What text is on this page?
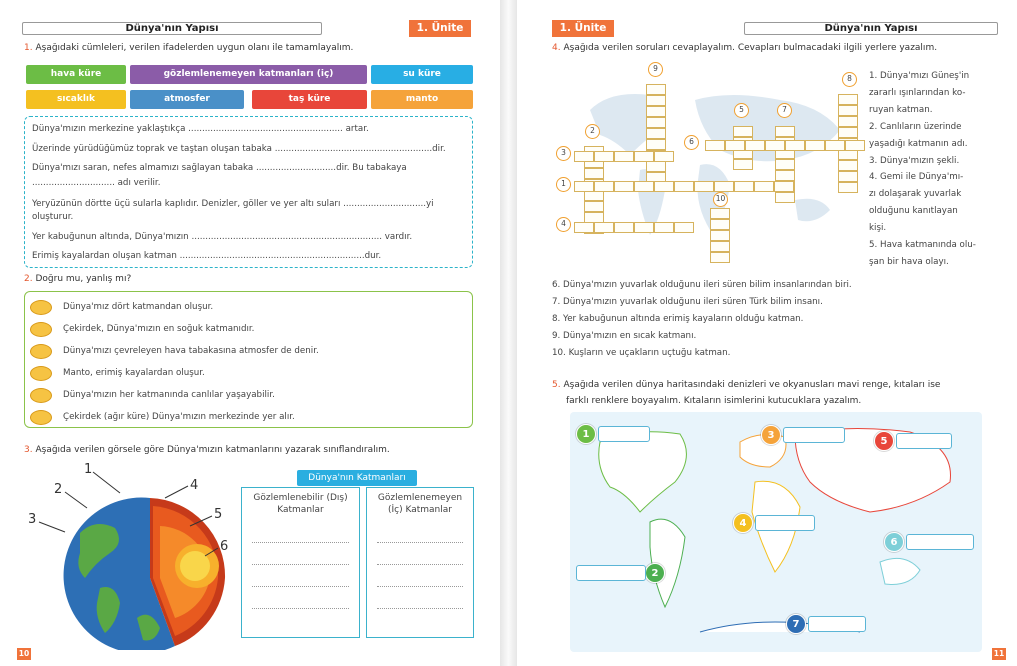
Dünya'nın Yapısı	1. Ünite
1. Aşağıdaki cümleleri, verilen ifadelerden uygun olanı ile tamamlayalım.
hava küre	gözlemlenemeyen katmanları (iç)	su küre
sıcaklık	atmosfer	taş küre	manto
Dünya'mızın merkezine yaklaştıkça ........................................................ artar.
Üzerinde yürüdüğümüz toprak ve taştan oluşan tabaka .........................................................dir.
Dünya'mızı saran, nefes almamızı sağlayan tabaka .............................dir. Bu tabakaya
.............................. adı verilir.
Yeryüzünün dörtte üçü sularla kaplıdır. Denizler, göller ve yer altı suları ..............................yi
oluşturur.
Yer kabuğunun altında, Dünya'mızın ..................................................................... vardır.
Erimiş kayalardan oluşan katman ...................................................................dur.
2. Doğru mu, yanlış mı?
Dünya'mız dört katmandan oluşur.
Çekirdek, Dünya'mızın en soğuk katmanıdır.
Dünya'mızı çevreleyen hava tabakasına atmosfer de denir.
Manto, erimiş kayalardan oluşur.
Dünya'mızın her katmanında canlılar yaşayabilir.
Çekirdek (ağır küre) Dünya'mızın merkezinde yer alır.
3. Aşağıda verilen görsele göre Dünya'mızın katmanlarını yazarak sınıflandıralım.
1
2
3
4
5
6
Dünya'nın Katmanları
Gözlemlenebilir (Dış) Katmanlar
Gözlemlenemeyen (İç) Katmanlar
10
1. Ünite	Dünya'nın Yapısı
4. Aşağıda verilen soruları cevaplayalım. Cevapları bulmacadaki ilgili yerlere yazalım.
9
8
5	7
2
6
3
1
10
4
1. Dünya'mızı Güneş'in
zararlı ışınlarından ko-
ruyan katman.
2. Canlıların üzerinde
yaşadığı katmanın adı.
3. Dünya'mızın şekli.
4. Gemi ile Dünya'mı-
zı dolaşarak yuvarlak
olduğunu kanıtlayan
kişi.
5. Hava katmanında olu-
şan bir hava olayı.
6. Dünya'mızın yuvarlak olduğunu ileri süren bilim insanlarından biri.
7. Dünya'mızın yuvarlak olduğunu ileri süren Türk bilim insanı.
8. Yer kabuğunun altında erimiş kayaların olduğu katman.
9. Dünya'mızın en sıcak katmanı.
10. Kuşların ve uçakların uçtuğu katman.
5. Aşağıda verilen dünya haritasındaki denizleri ve okyanusları mavi renge, kıtaları ise
farklı renklere boyayalım. Kıtaların isimlerini kutucuklara yazalım.
1
2
3
4
5
6
7
11
